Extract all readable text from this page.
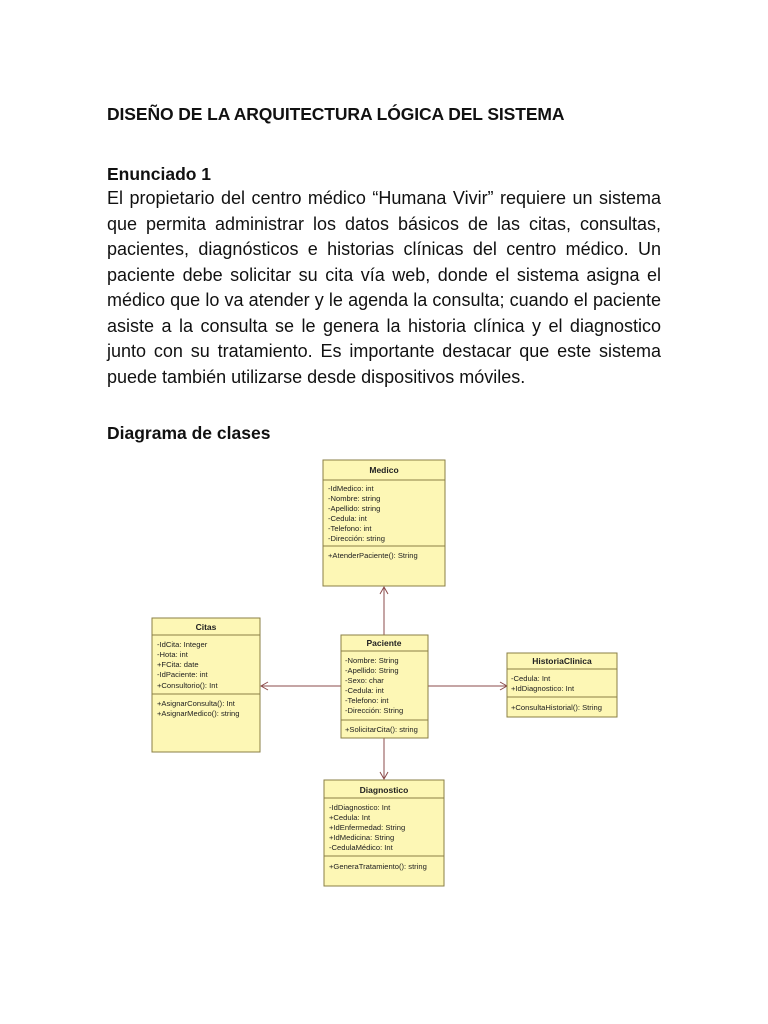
DISEÑO DE LA ARQUITECTURA LÓGICA DEL SISTEMA
Enunciado 1
El propietario del centro médico “Humana Vivir” requiere un sistema
que permita administrar los datos básicos de las citas, consultas,
pacientes, diagnósticos e historias clínicas del centro médico. Un
paciente debe solicitar su cita vía web, donde el sistema asigna el
médico que lo va atender y le agenda la consulta; cuando el paciente
asiste a la consulta se le genera la historia clínica y el diagnostico
junto con su tratamiento. Es importante destacar que este sistema
puede también utilizarse desde dispositivos móviles.
Diagrama de clases
Medico
-IdMedico: int
-Nombre: string
-Apellido: string
-Cedula: int
-Telefono: int
-Dirección: string
+AtenderPaciente(): String
Citas
-IdCita: Integer
-Hota: int
+FCita: date
-IdPaciente: int
+Consultorio(): Int
+AsignarConsulta(): Int
+AsignarMedico(): string
Paciente
-Nombre: String
-Apellido: String
-Sexo: char
-Cedula: int
-Telefono: int
-Dirección: String
+SolicitarCita(): string
HistoriaClinica
-Cedula: Int
+IdDiagnostico: Int
+ConsultaHistorial(): String
Diagnostico
-IdDiagnostico: Int
+Cedula: Int
+IdEnfermedad: String
+IdMedicina: String
-CedulaMédico: Int
+GeneraTratamiento(): string
